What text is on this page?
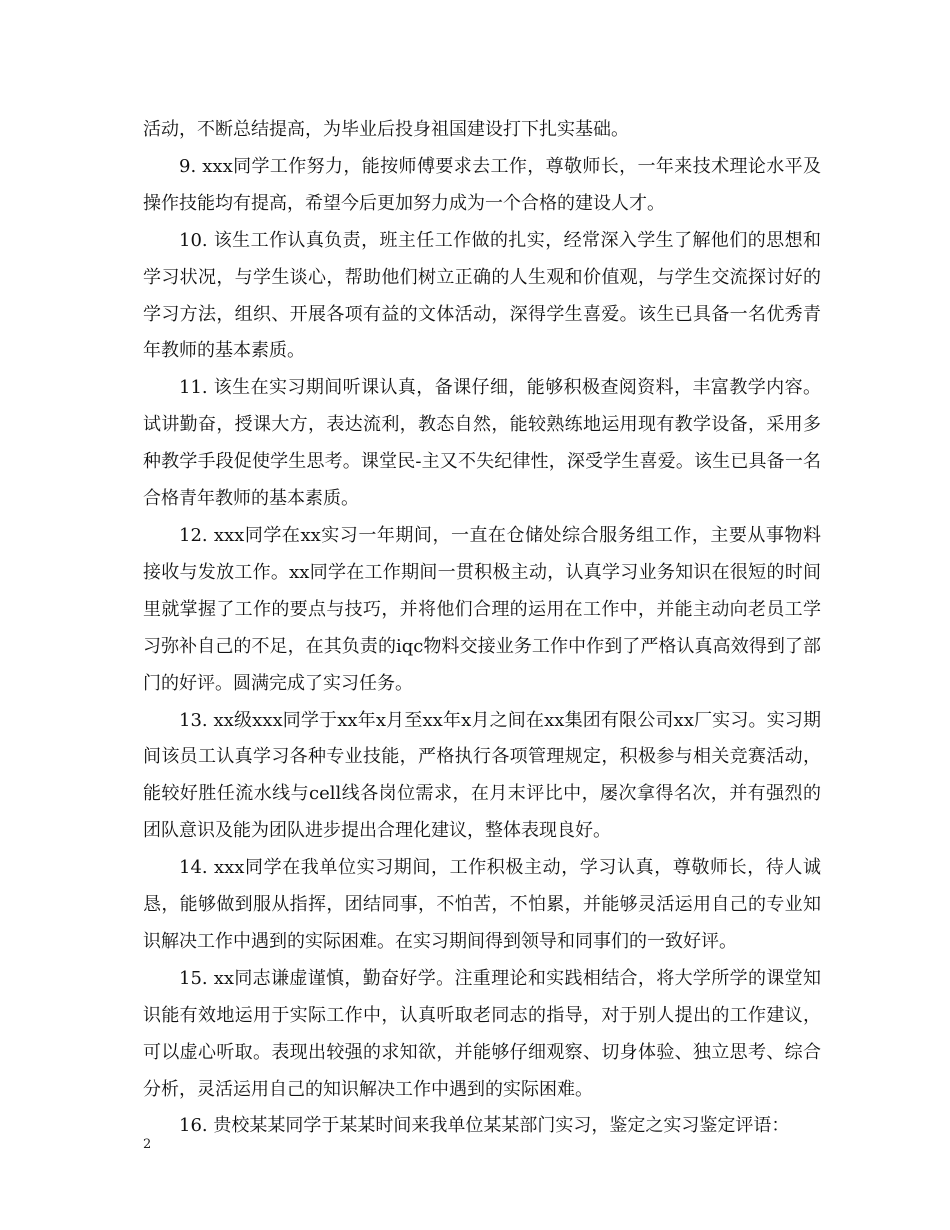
活动，不断总结提高，为毕业后投身祖国建设打下扎实基础。

9. xxx同学工作努力，能按师傅要求去工作，尊敬师长，一年来技术理论水平及操作技能均有提高，希望今后更加努力成为一个合格的建设人才。

10. 该生工作认真负责，班主任工作做的扎实，经常深入学生了解他们的思想和学习状况，与学生谈心，帮助他们树立正确的人生观和价值观，与学生交流探讨好的学习方法，组织、开展各项有益的文体活动，深得学生喜爱。该生已具备一名优秀青年教师的基本素质。

11. 该生在实习期间听课认真，备课仔细，能够积极查阅资料，丰富教学内容。试讲勤奋，授课大方，表达流利，教态自然，能较熟练地运用现有教学设备，采用多种教学手段促使学生思考。课堂民-主又不失纪律性，深受学生喜爱。该生已具备一名合格青年教师的基本素质。

12. xxx同学在xx实习一年期间，一直在仓储处综合服务组工作，主要从事物料接收与发放工作。xx同学在工作期间一贯积极主动，认真学习业务知识在很短的时间里就掌握了工作的要点与技巧，并将他们合理的运用在工作中，并能主动向老员工学习弥补自己的不足，在其负责的iqc物料交接业务工作中作到了严格认真高效得到了部门的好评。圆满完成了实习任务。

13. xx级xxx同学于xx年x月至xx年x月之间在xx集团有限公司xx厂实习。实习期间该员工认真学习各种专业技能，严格执行各项管理规定，积极参与相关竞赛活动，能较好胜任流水线与cell线各岗位需求，在月末评比中，屡次拿得名次，并有强烈的团队意识及能为团队进步提出合理化建议，整体表现良好。

14. xxx同学在我单位实习期间，工作积极主动，学习认真，尊敬师长，待人诚恳，能够做到服从指挥，团结同事，不怕苦，不怕累，并能够灵活运用自己的专业知识解决工作中遇到的实际困难。在实习期间得到领导和同事们的一致好评。

15. xx同志谦虚谨慎，勤奋好学。注重理论和实践相结合，将大学所学的课堂知识能有效地运用于实际工作中，认真听取老同志的指导，对于别人提出的工作建议，可以虚心听取。表现出较强的求知欲，并能够仔细观察、切身体验、独立思考、综合分析，灵活运用自己的知识解决工作中遇到的实际困难。

16. 贵校某某同学于某某时间来我单位某某部门实习，鉴定之实习鉴定评语：

2
